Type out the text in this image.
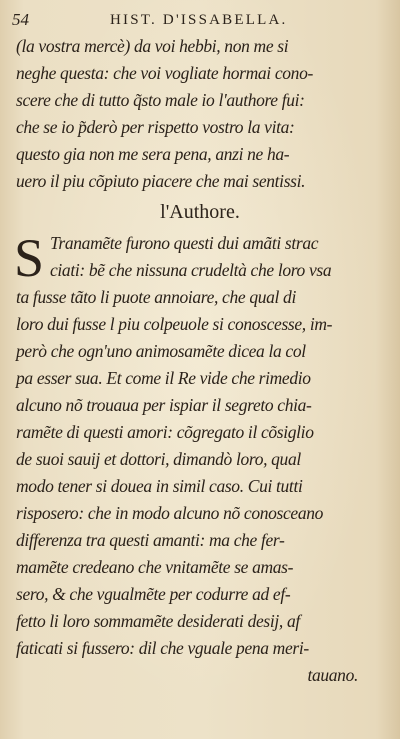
54	HIST. D'ISSABELLA.
(la vostra mercè) da voi hebbi, non me si
neghe questa: che voi vogliate hormai cono-
scere che di tutto q̃sto male io l'authore fui:
che se io p̃derò per rispetto vostro la vita:
questo gia non me sera pena, anzi ne ha-
uero il piu cõpiuto piacere che mai sentissi.
l'Authore.
S Tranamẽte furono questi dui amãti strac
ciati: bẽ che nissuna crudeltà che loro vsa
ta fusse tãto li puote annoiare, che qual di
loro dui fusse l piu colpeuole si conoscesse, im-
però che ogn'uno animosamẽte dicea la col
pa esser sua. Et come il Re vide che rimedio
alcuno nõ trouaua per ispiar il segreto chia-
ramẽte di questi amori: cõgregato il cõsiglio
de suoi sauij et dottori, dimandò loro, qual
modo tener si douea in simil caso. Cui tutti
risposero: che in modo alcuno nõ conosceano
differenza tra questi amanti: ma che fer-
mamẽte credeano che vnitamẽte se amas-
sero, & che vgualmẽte per codurre ad ef-
fetto li loro sommamẽte desiderati desij, af
faticati si fussero: dil che vguale pena meri-
tauano.
